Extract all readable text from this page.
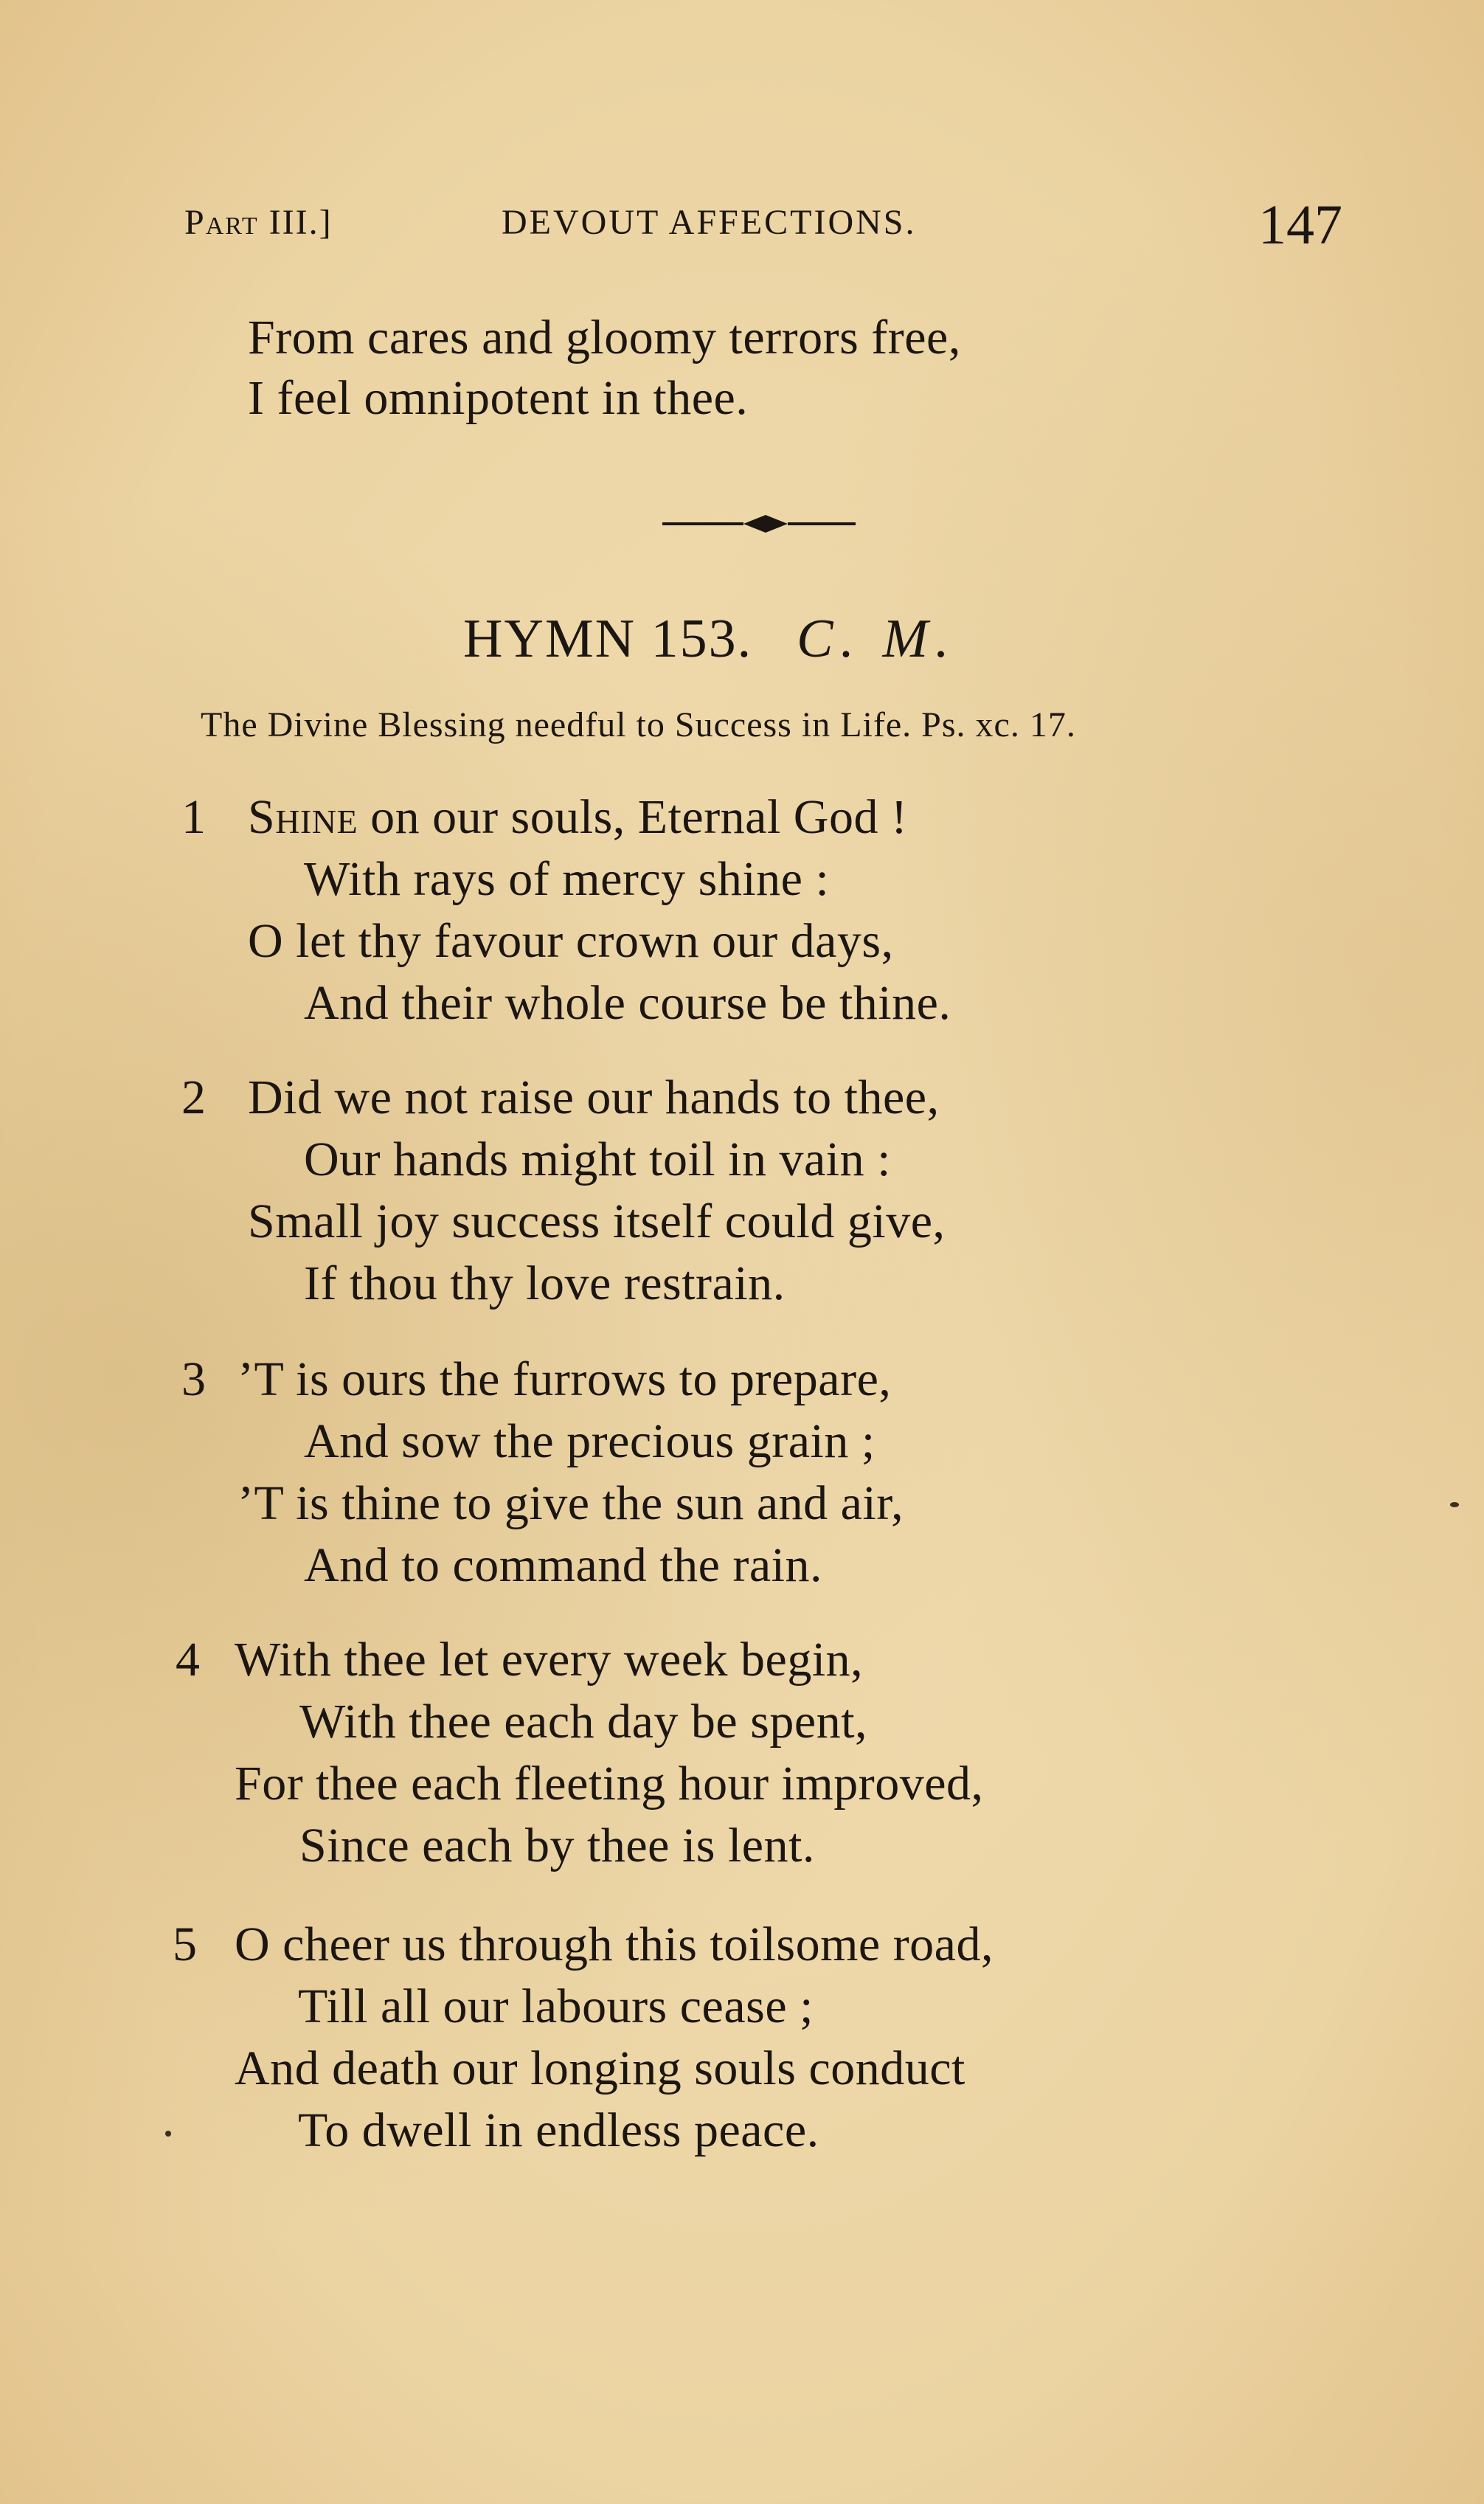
Part III.]	DEVOUT AFFECTIONS.	147
From cares and gloomy terrors free,
I feel omnipotent in thee.
HYMN 153. C. M.
The Divine Blessing needful to Success in Life. Ps. xc. 17.
1 Shine on our souls, Eternal God !
With rays of mercy shine :
O let thy favour crown our days,
And their whole course be thine.
2 Did we not raise our hands to thee,
Our hands might toil in vain :
Small joy success itself could give,
If thou thy love restrain.
3 ’T is ours the furrows to prepare,
And sow the precious grain ;
’T is thine to give the sun and air,
And to command the rain.
4 With thee let every week begin,
With thee each day be spent,
For thee each fleeting hour improved,
Since each by thee is lent.
5 O cheer us through this toilsome road,
Till all our labours cease ;
And death our longing souls conduct
To dwell in endless peace.
